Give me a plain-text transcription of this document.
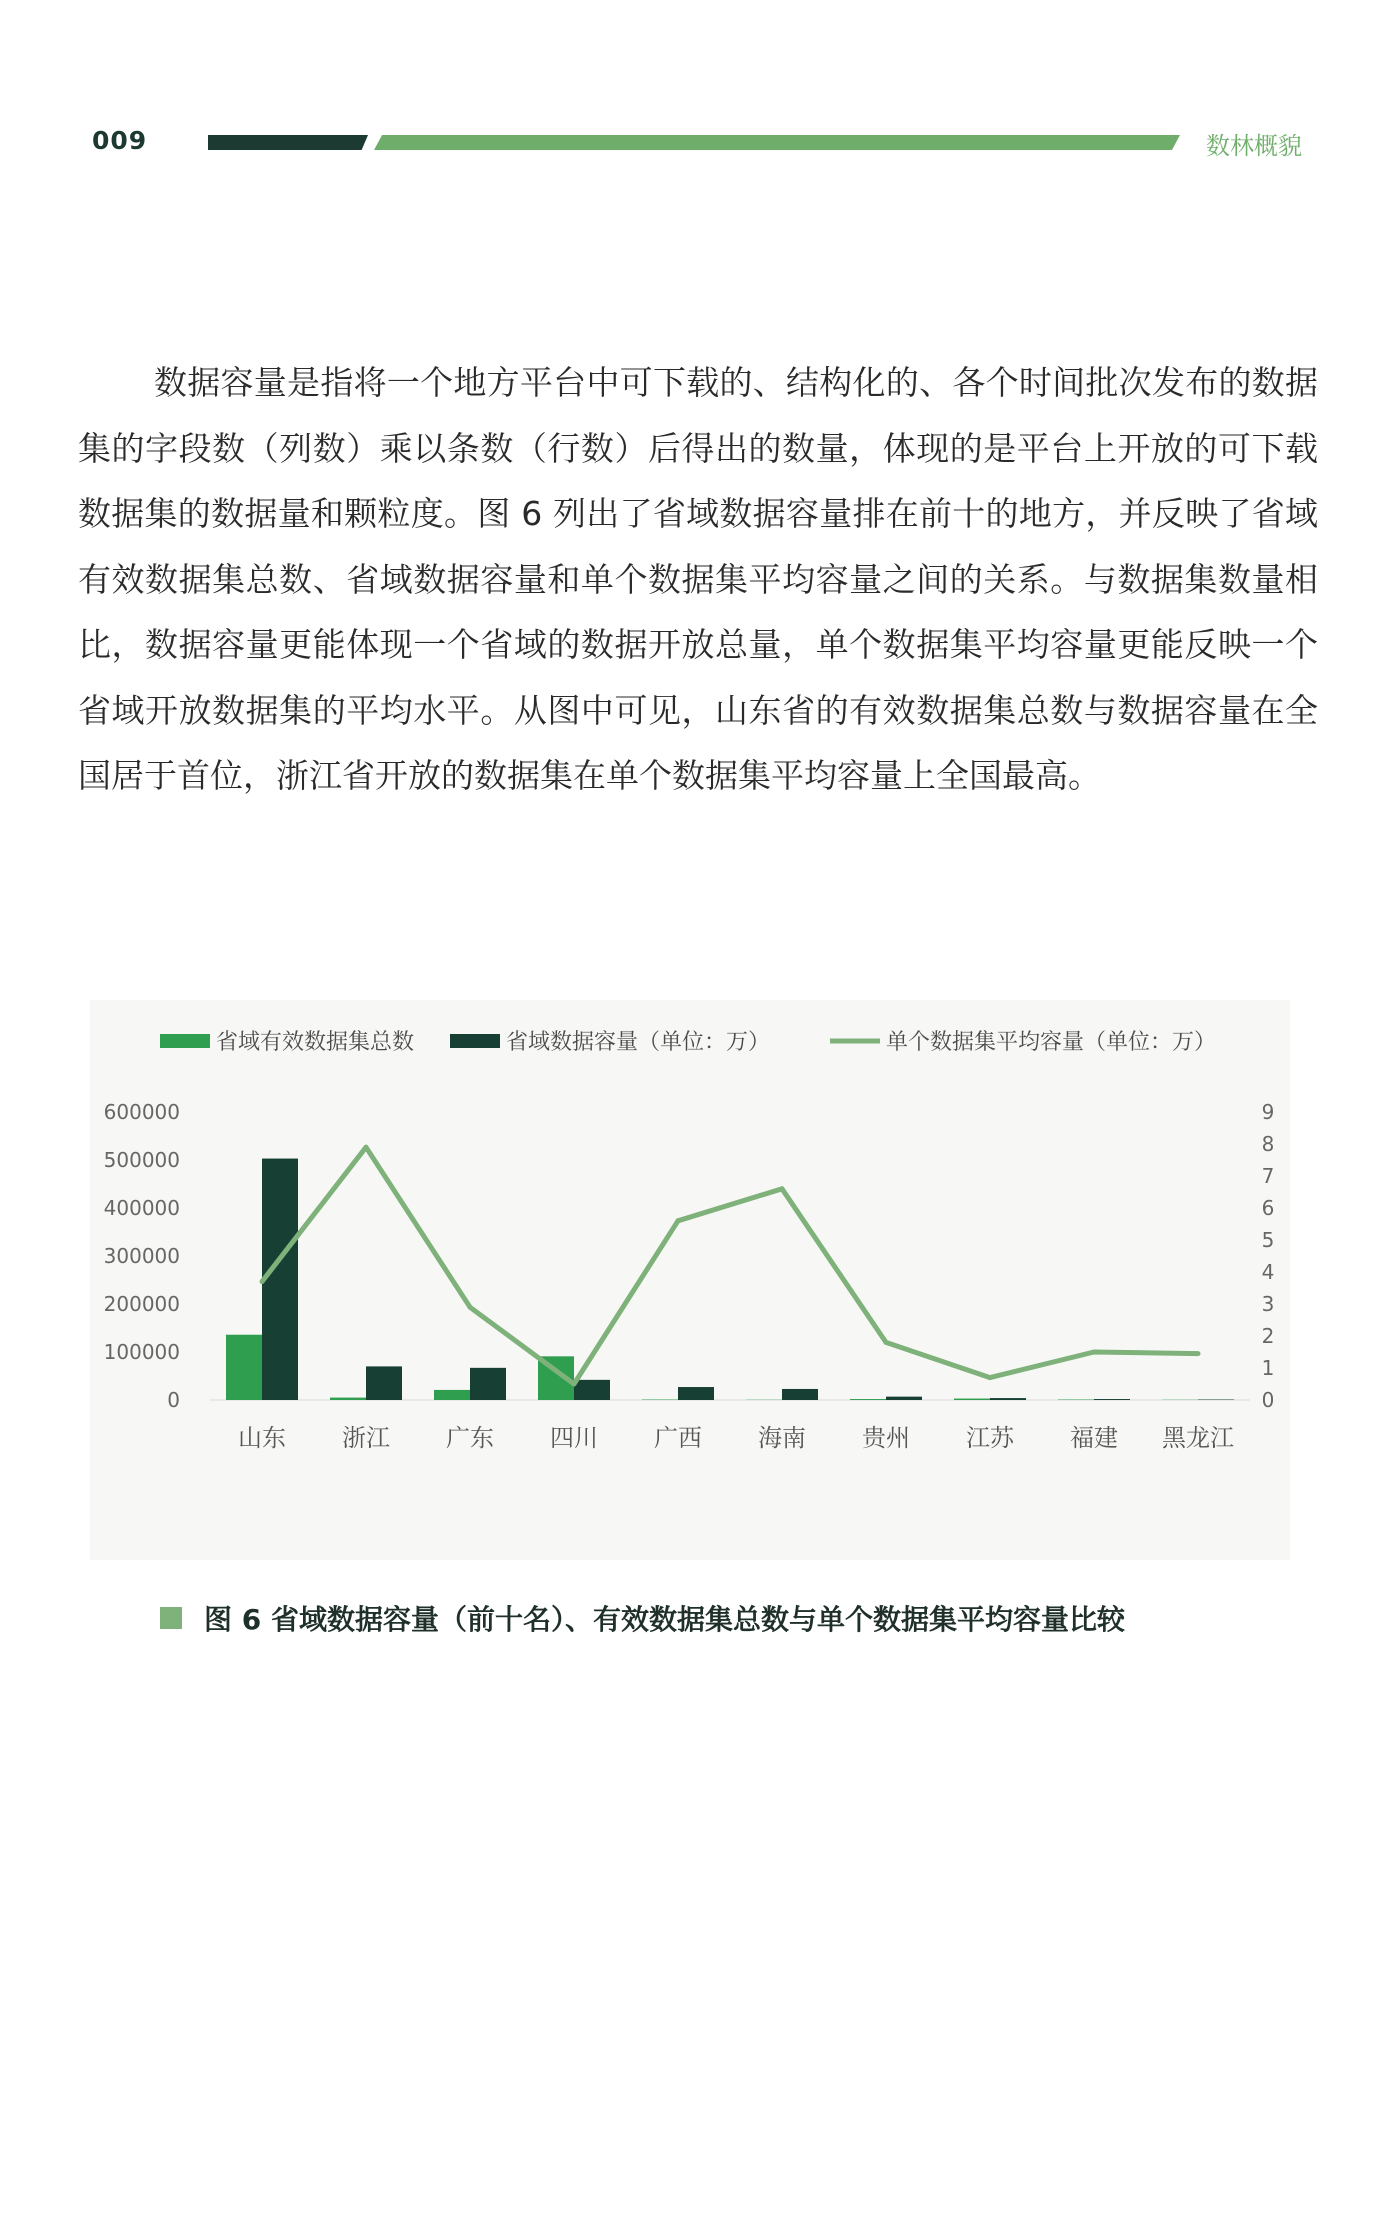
009	数林概貌

数据容量是指将一个地方平台中可下载的、结构化的、各个时间批次发布的数据集的字段数（列数）乘以条数（行数）后得出的数量，体现的是平台上开放的可下载数据集的数据量和颗粒度。图 6 列出了省域数据容量排在前十的地方，并反映了省域有效数据集总数、省域数据容量和单个数据集平均容量之间的关系。与数据集数量相比，数据容量更能体现一个省域的数据开放总量，单个数据集平均容量更能反映一个省域开放数据集的平均水平。从图中可见，山东省的有效数据集总数与数据容量在全国居于首位，浙江省开放的数据集在单个数据集平均容量上全国最高。

省域有效数据集总数	省域数据容量（单位：万）	单个数据集平均容量（单位：万）
0
100000
200000
300000
400000
500000
600000
0
1
2
3
4
5
6
7
8
9
山东 浙江 广东 四川 广西 海南 贵州 江苏 福建 黑龙江
图 6 省域数据容量（前十名）、有效数据集总数与单个数据集平均容量比较
